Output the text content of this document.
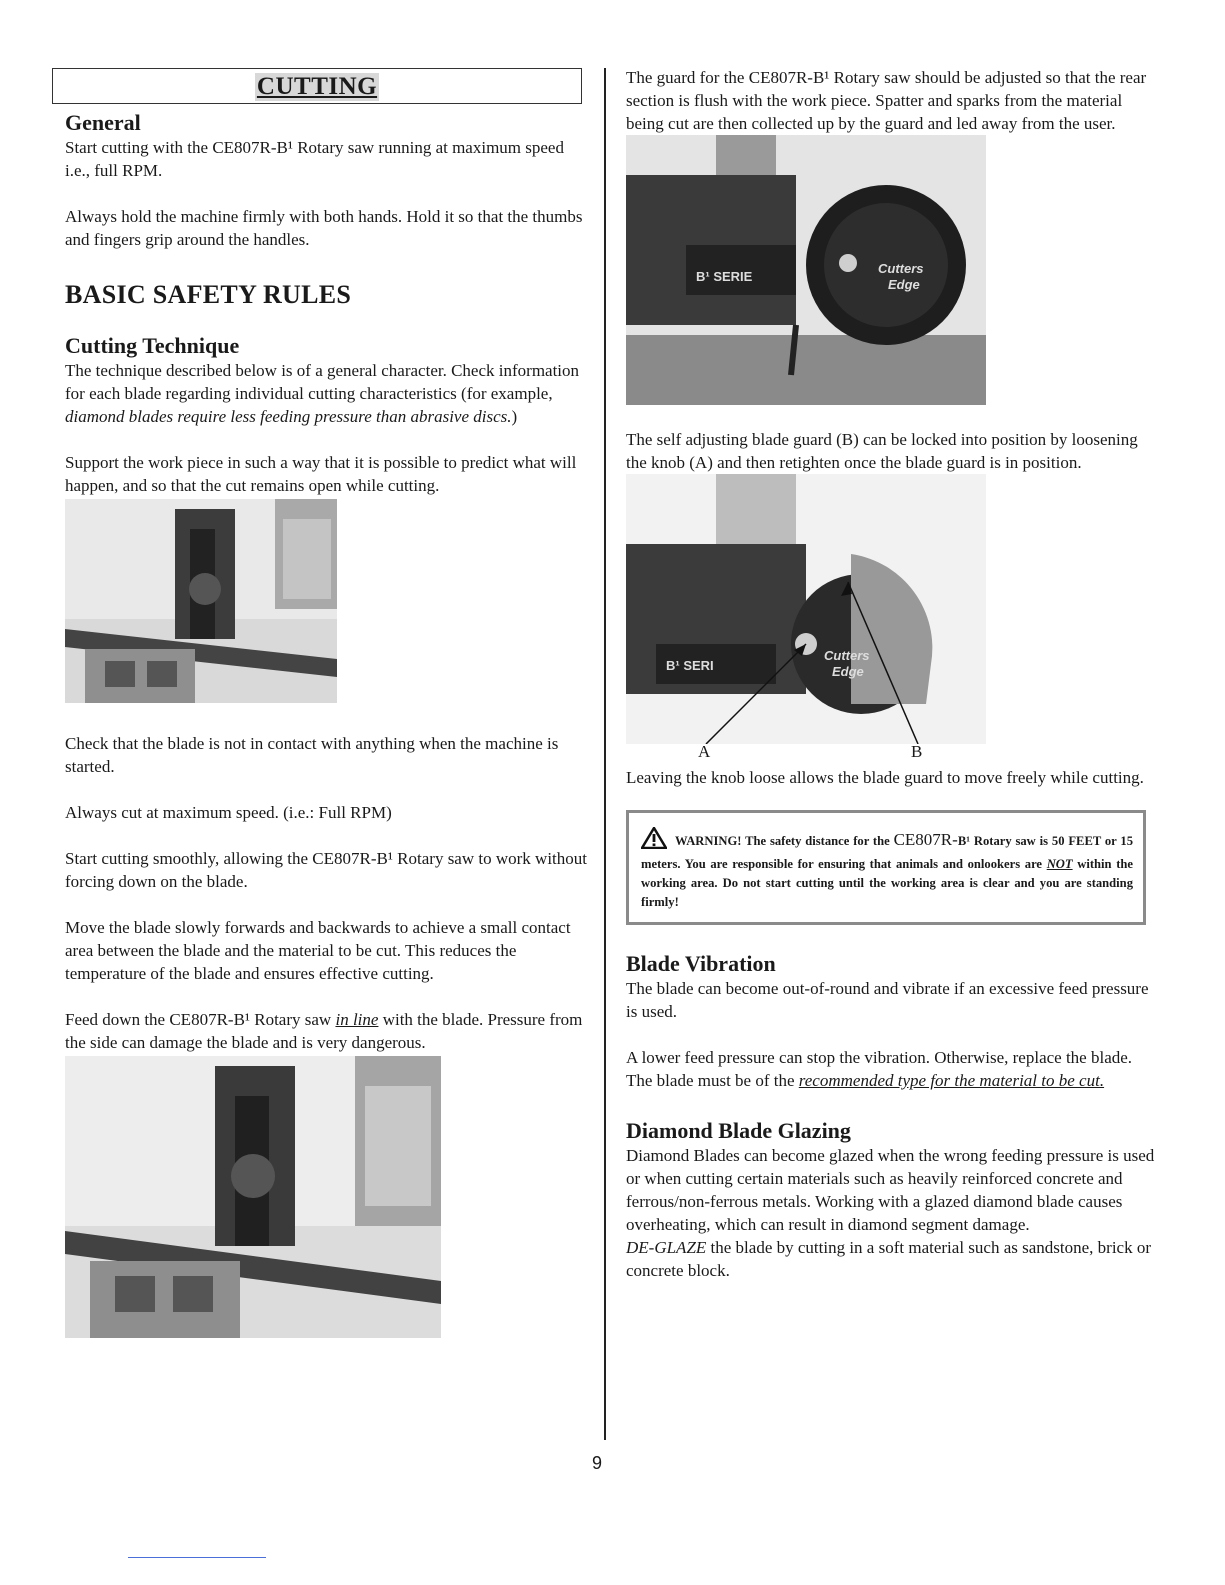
CUTTING
General

Start cutting with the CE807R-B¹ Rotary saw running at maximum speed i.e., full RPM.

Always hold the machine firmly with both hands. Hold it so that the thumbs and fingers grip around the handles.

BASIC SAFETY RULES
Cutting Technique

The technique described below is of a general character. Check information for each blade regarding individual cutting characteristics (for example, diamond blades require less feeding pressure than abrasive discs.)

Support the work piece in such a way that it is possible to predict what will happen, and so that the cut remains open while cutting.

Check that the blade is not in contact with anything when the machine is started.

Always cut at maximum speed. (i.e.: Full RPM)

Start cutting smoothly, allowing the CE807R-B¹ Rotary saw to work without forcing down on the blade.

Move the blade slowly forwards and backwards to achieve a small contact area between the blade and the material to be cut. This reduces the temperature of the blade and ensures effective cutting.

Feed down the CE807R-B¹ Rotary saw in line with the blade. Pressure from the side can damage the blade and is very dangerous.

The guard for the CE807R-B¹ Rotary saw should be adjusted so that the rear section is flush with the work piece. Spatter and sparks from the material being cut are then collected up by the guard and led away from the user.

B¹ SERIE
Cutters
Edge

The self adjusting blade guard (B) can be locked into position by loosening the knob (A) and then retighten once the blade guard is in position.

B¹ SERI
Cutters
Edge
A	B

Leaving the knob loose allows the blade guard to move freely while cutting.

WARNING! The safety distance for the CE807R-B¹ Rotary saw is 50 FEET or 15 meters. You are responsible for ensuring that animals and onlookers are NOT within the working area. Do not start cutting until the working area is clear and you are standing firmly!

Blade Vibration

The blade can become out-of-round and vibrate if an excessive feed pressure is used.

A lower feed pressure can stop the vibration. Otherwise, replace the blade. The blade must be of the recommended type for the material to be cut.

Diamond Blade Glazing

Diamond Blades can become glazed when the wrong feeding pressure is used or when cutting certain materials such as heavily reinforced concrete and ferrous/non-ferrous metals. Working with a glazed diamond blade causes overheating, which can result in diamond segment damage.

DE-GLAZE the blade by cutting in a soft material such as sandstone, brick or concrete block.

9
